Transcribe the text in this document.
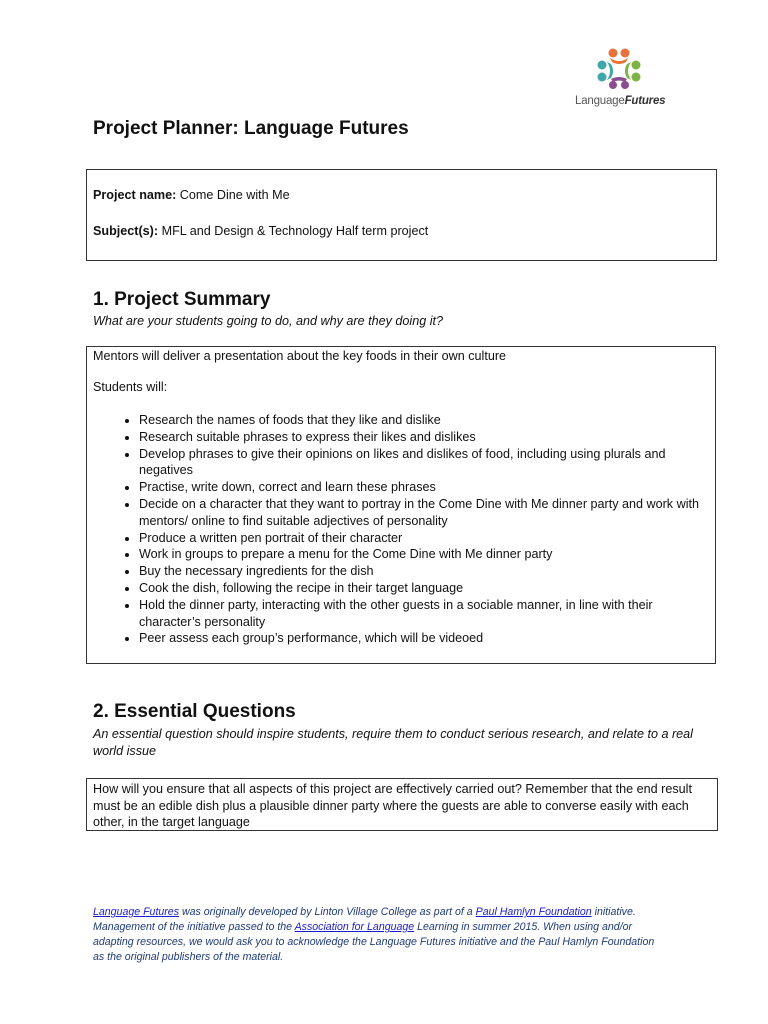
LanguageFutures
Project Planner: Language Futures

Project name: Come Dine with Me

Subject(s): MFL and Design & Technology Half term project

1. Project Summary

What are your students going to do, and why are they doing it?

Mentors will deliver a presentation about the key foods in their own culture

Students will:

• Research the names of foods that they like and dislike
• Research suitable phrases to express their likes and dislikes
• Develop phrases to give their opinions on likes and dislikes of food, including using plurals and negatives
• Practise, write down, correct and learn these phrases
• Decide on a character that they want to portray in the Come Dine with Me dinner party and work with mentors/ online to find suitable adjectives of personality
• Produce a written pen portrait of their character
• Work in groups to prepare a menu for the Come Dine with Me dinner party
• Buy the necessary ingredients for the dish
• Cook the dish, following the recipe in their target language
• Hold the dinner party, interacting with the other guests in a sociable manner, in line with their character’s personality
• Peer assess each group’s performance, which will be videoed
2. Essential Questions

An essential question should inspire students, require them to conduct serious research, and relate to a real world issue

How will you ensure that all aspects of this project are effectively carried out? Remember that the end result must be an edible dish plus a plausible dinner party where the guests are able to converse easily with each other, in the target language
Language Futures was originally developed by Linton Village College as part of a Paul Hamlyn Foundation initiative. Management of the initiative passed to the Association for Language Learning in summer 2015. When using and/or adapting resources, we would ask you to acknowledge the Language Futures initiative and the Paul Hamlyn Foundation as the original publishers of the material.
